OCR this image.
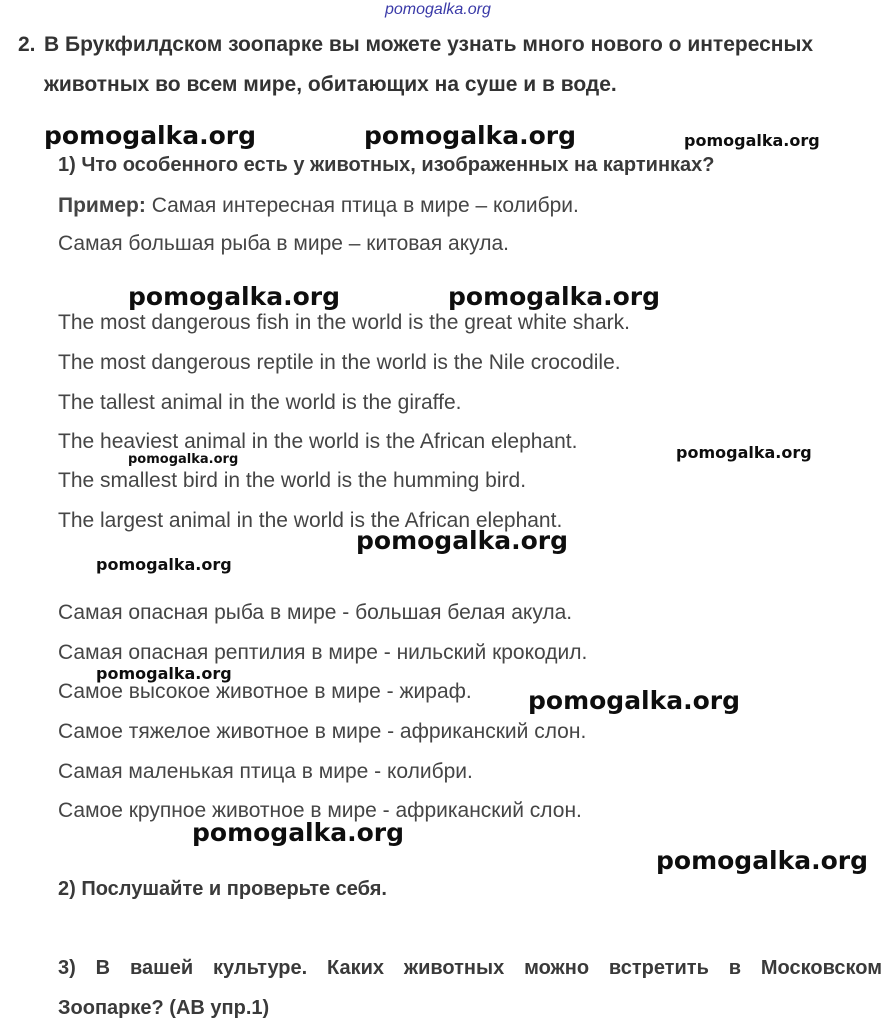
pomogalka.org
2. В Брукфилдском зоопарке вы можете узнать много нового о интересных
животных во всем мире, обитающих на суше и в воде.
1) Что особенного есть у животных, изображенных на картинках?
Пример: Самая интересная птица в мире – колибри.
Самая большая рыба в мире – китовая акула.
The most dangerous fish in the world is the great white shark.
The most dangerous reptile in the world is the Nile crocodile.
The tallest animal in the world is the giraffe.
The heaviest animal in the world is the African elephant.
The smallest bird in the world is the humming bird.
The largest animal in the world is the African elephant.
Самая опасная рыба в мире - большая белая акула.
Самая опасная рептилия в мире - нильский крокодил.
Самое высокое животное в мире - жираф.
Самое тяжелое животное в мире - африканский слон.
Самая маленькая птица в мире - колибри.
Самое крупное животное в мире - африканский слон.
2) Послушайте и проверьте себя.
3) В вашей культуре. Каких животных можно встретить в Московском
Зоопарке? (AB упр.1)
pomogalka.org	pomogalka.org	pomogalka.org
pomogalka.org	pomogalka.org
pomogalka.org	pomogalka.org
pomogalka.org
pomogalka.org
pomogalka.org
pomogalka.org
pomogalka.org
pomogalka.org
